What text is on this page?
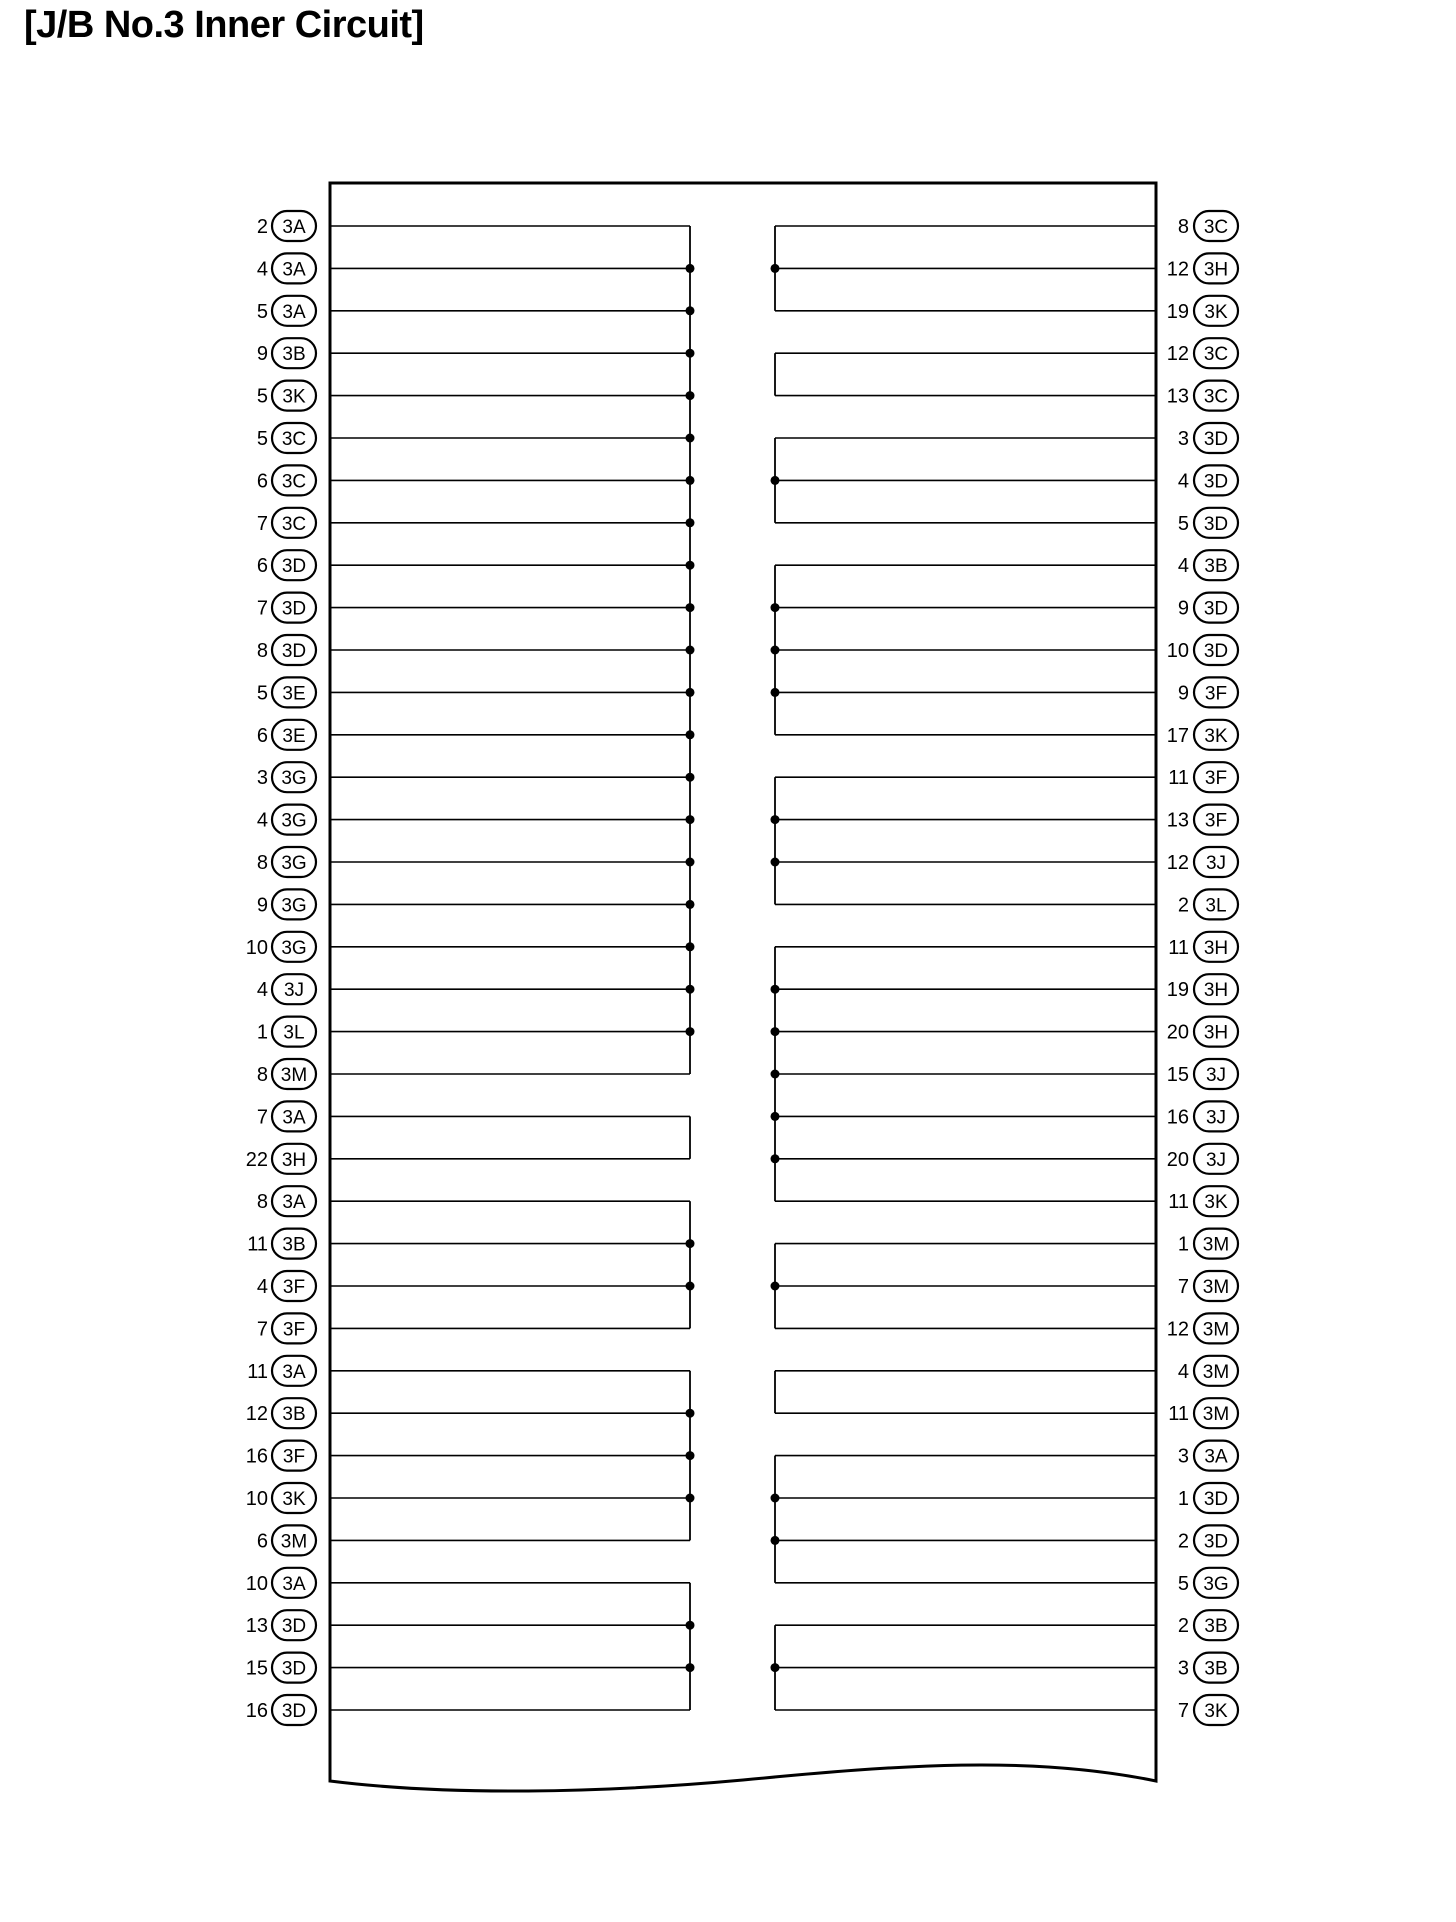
[J/B No.3 Inner Circuit]
2 3A
4 3A
5 3A
9 3B
5 3K
5 3C
6 3C
7 3C
6 3D
7 3D
8 3D
5 3E
6 3E
3 3G
4 3G
8 3G
9 3G
10 3G
4 3J
1 3L
8 3M
7 3A
22 3H
8 3A
11 3B
4 3F
7 3F
11 3A
12 3B
16 3F
10 3K
6 3M
10 3A
13 3D
15 3D
16 3D
8 3C
12 3H
19 3K
12 3C
13 3C
3 3D
4 3D
5 3D
4 3B
9 3D
10 3D
9 3F
17 3K
11 3F
13 3F
12 3J
2 3L
11 3H
19 3H
20 3H
15 3J
16 3J
20 3J
11 3K
1 3M
7 3M
12 3M
4 3M
11 3M
3 3A
1 3D
2 3D
5 3G
2 3B
3 3B
7 3K
